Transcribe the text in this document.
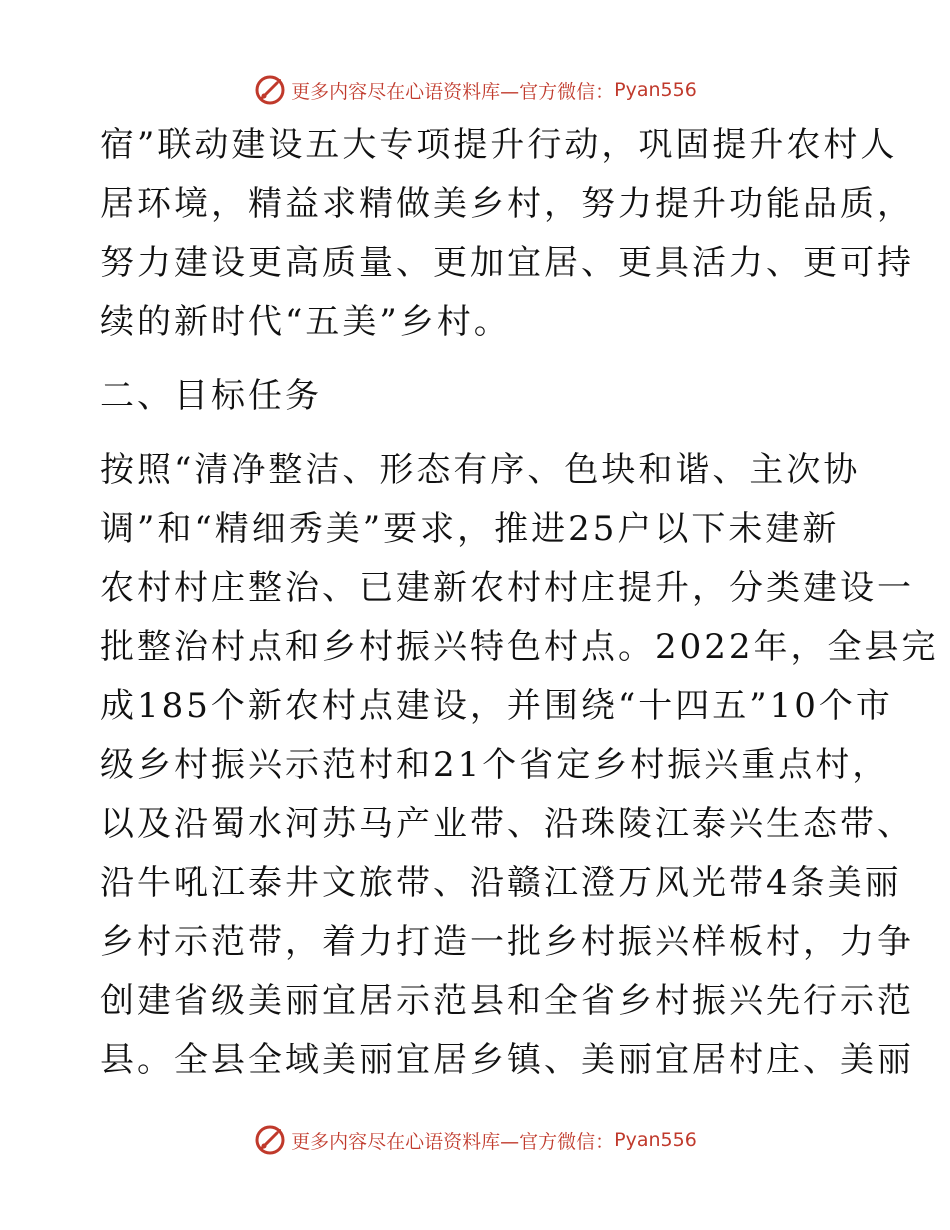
更多内容尽在心语资料库—官方微信： Pyan556
宿”联动建设五大专项提升行动，巩固提升农村人
居环境，精益求精做美乡村，努力提升功能品质，
努力建设更高质量、更加宜居、更具活力、更可持
续的新时代“五美”乡村。
二、目标任务
按照“清净整洁、形态有序、色块和谐、主次协
调”和“精细秀美”要求，推进25户以下未建新
农村村庄整治、已建新农村村庄提升，分类建设一
批整治村点和乡村振兴特色村点。2022年，全县完
成185个新农村点建设，并围绕“十四五”10个市
级乡村振兴示范村和21个省定乡村振兴重点村，
以及沿蜀水河苏马产业带、沿珠陵江泰兴生态带、
沿牛吼江泰井文旅带、沿赣江澄万风光带4条美丽
乡村示范带，着力打造一批乡村振兴样板村，力争
创建省级美丽宜居示范县和全省乡村振兴先行示范
县。全县全域美丽宜居乡镇、美丽宜居村庄、美丽
更多内容尽在心语资料库—官方微信： Pyan556
